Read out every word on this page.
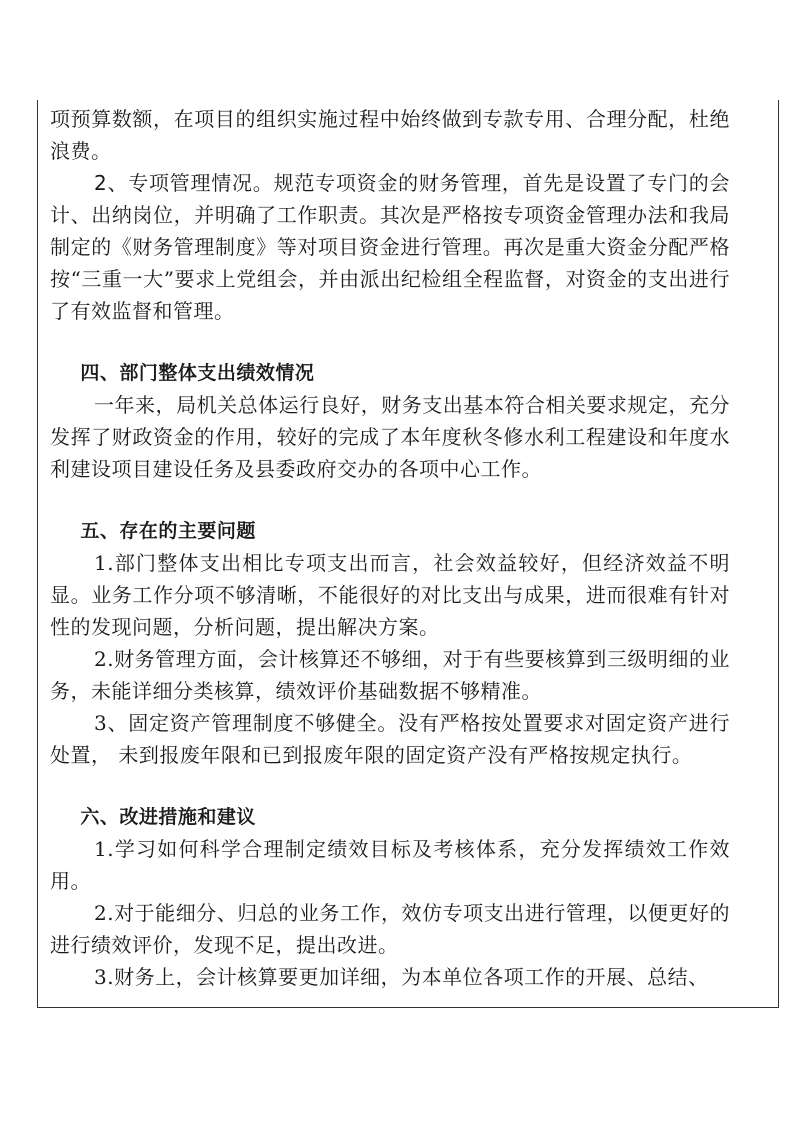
项预算数额，在项目的组织实施过程中始终做到专款专用、合理分配，杜绝浪费。

2、专项管理情况。规范专项资金的财务管理，首先是设置了专门的会计、出纳岗位，并明确了工作职责。其次是严格按专项资金管理办法和我局制定的《财务管理制度》等对项目资金进行管理。再次是重大资金分配严格按“三重一大”要求上党组会，并由派出纪检组全程监督，对资金的支出进行了有效监督和管理。

四、部门整体支出绩效情况

一年来，局机关总体运行良好，财务支出基本符合相关要求规定，充分发挥了财政资金的作用，较好的完成了本年度秋冬修水利工程建设和年度水利建设项目建设任务及县委政府交办的各项中心工作。

五、存在的主要问题

1.部门整体支出相比专项支出而言，社会效益较好，但经济效益不明显。业务工作分项不够清晰，不能很好的对比支出与成果，进而很难有针对性的发现问题，分析问题，提出解决方案。

2.财务管理方面，会计核算还不够细，对于有些要核算到三级明细的业务，未能详细分类核算，绩效评价基础数据不够精准。

3、固定资产管理制度不够健全。没有严格按处置要求对固定资产进行处置， 未到报废年限和已到报废年限的固定资产没有严格按规定执行。

六、改进措施和建议

1.学习如何科学合理制定绩效目标及考核体系，充分发挥绩效工作效用。

2.对于能细分、归总的业务工作，效仿专项支出进行管理，以便更好的进行绩效评价，发现不足，提出改进。

3.财务上，会计核算要更加详细，为本单位各项工作的开展、总结、
